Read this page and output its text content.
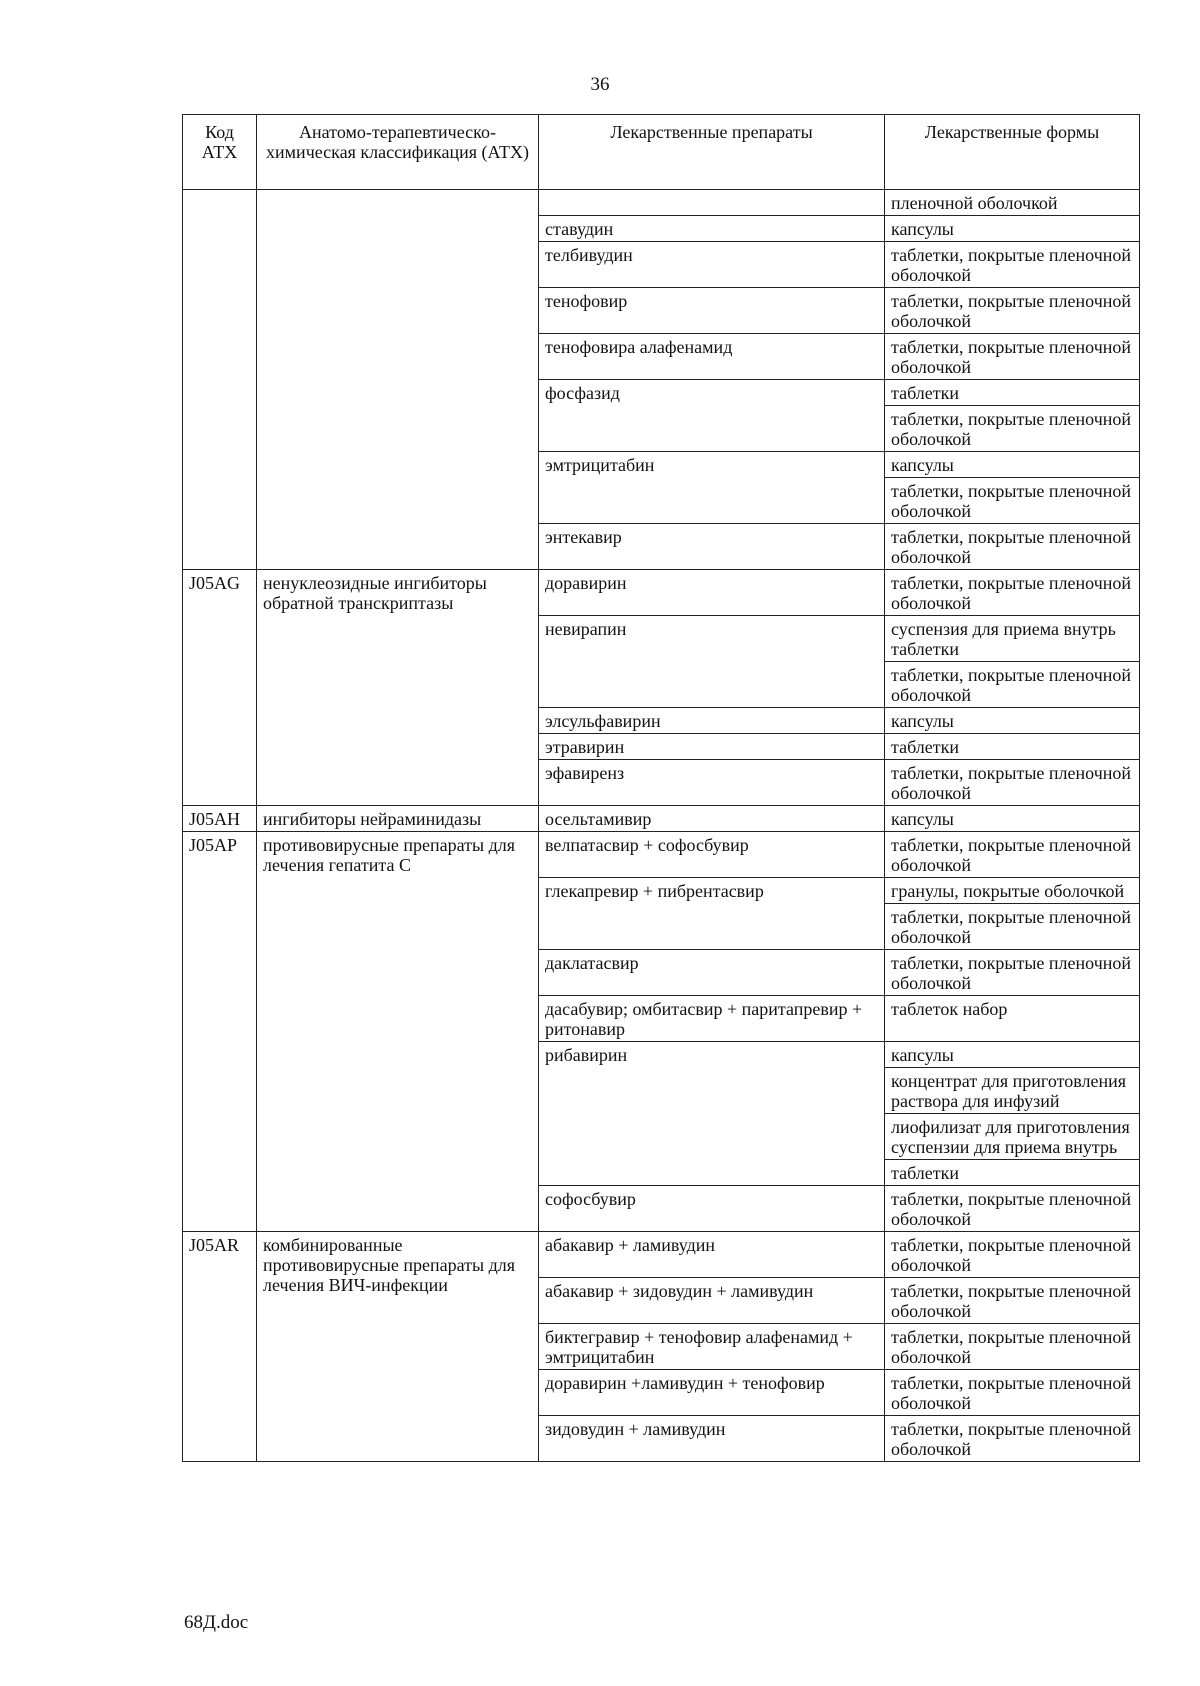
36
Код АТХ	Анатомо-терапевтическо-химическая классификация (АТХ)	Лекарственные препараты	Лекарственные формы
			пленочной оболочкой
		ставудин	капсулы
		телбивудин	таблетки, покрытые пленочной оболочкой
		тенофовир	таблетки, покрытые пленочной оболочкой
		тенофовира алафенамид	таблетки, покрытые пленочной оболочкой
		фосфазид	таблетки
			таблетки, покрытые пленочной оболочкой
		эмтрицитабин	капсулы
			таблетки, покрытые пленочной оболочкой
		энтекавир	таблетки, покрытые пленочной оболочкой
J05AG	ненуклеозидные ингибиторы обратной транскриптазы	доравирин	таблетки, покрытые пленочной оболочкой
		невирапин	суспензия для приема внутрь таблетки
			таблетки, покрытые пленочной оболочкой
		элсульфавирин	капсулы
		этравирин	таблетки
		эфавиренз	таблетки, покрытые пленочной оболочкой
J05AH	ингибиторы нейраминидазы	осельтамивир	капсулы
J05AP	противовирусные препараты для лечения гепатита С	велпатасвир + софосбувир	таблетки, покрытые пленочной оболочкой
		глекапревир + пибрентасвир	гранулы, покрытые оболочкой
			таблетки, покрытые пленочной оболочкой
		даклатасвир	таблетки, покрытые пленочной оболочкой
		дасабувир; омбитасвир + паритапревир + ритонавир	таблеток набор
		рибавирин	капсулы
			концентрат для приготовления раствора для инфузий
			лиофилизат для приготовления суспензии для приема внутрь
			таблетки
		софосбувир	таблетки, покрытые пленочной оболочкой
J05AR	комбинированные противовирусные препараты для лечения ВИЧ-инфекции	абакавир + ламивудин	таблетки, покрытые пленочной оболочкой
		абакавир + зидовудин + ламивудин	таблетки, покрытые пленочной оболочкой
		биктегравир + тенофовир алафенамид + эмтрицитабин	таблетки, покрытые пленочной оболочкой
		доравирин +ламивудин + тенофовир	таблетки, покрытые пленочной оболочкой
		зидовудин + ламивудин	таблетки, покрытые пленочной оболочкой
68Д.doc
